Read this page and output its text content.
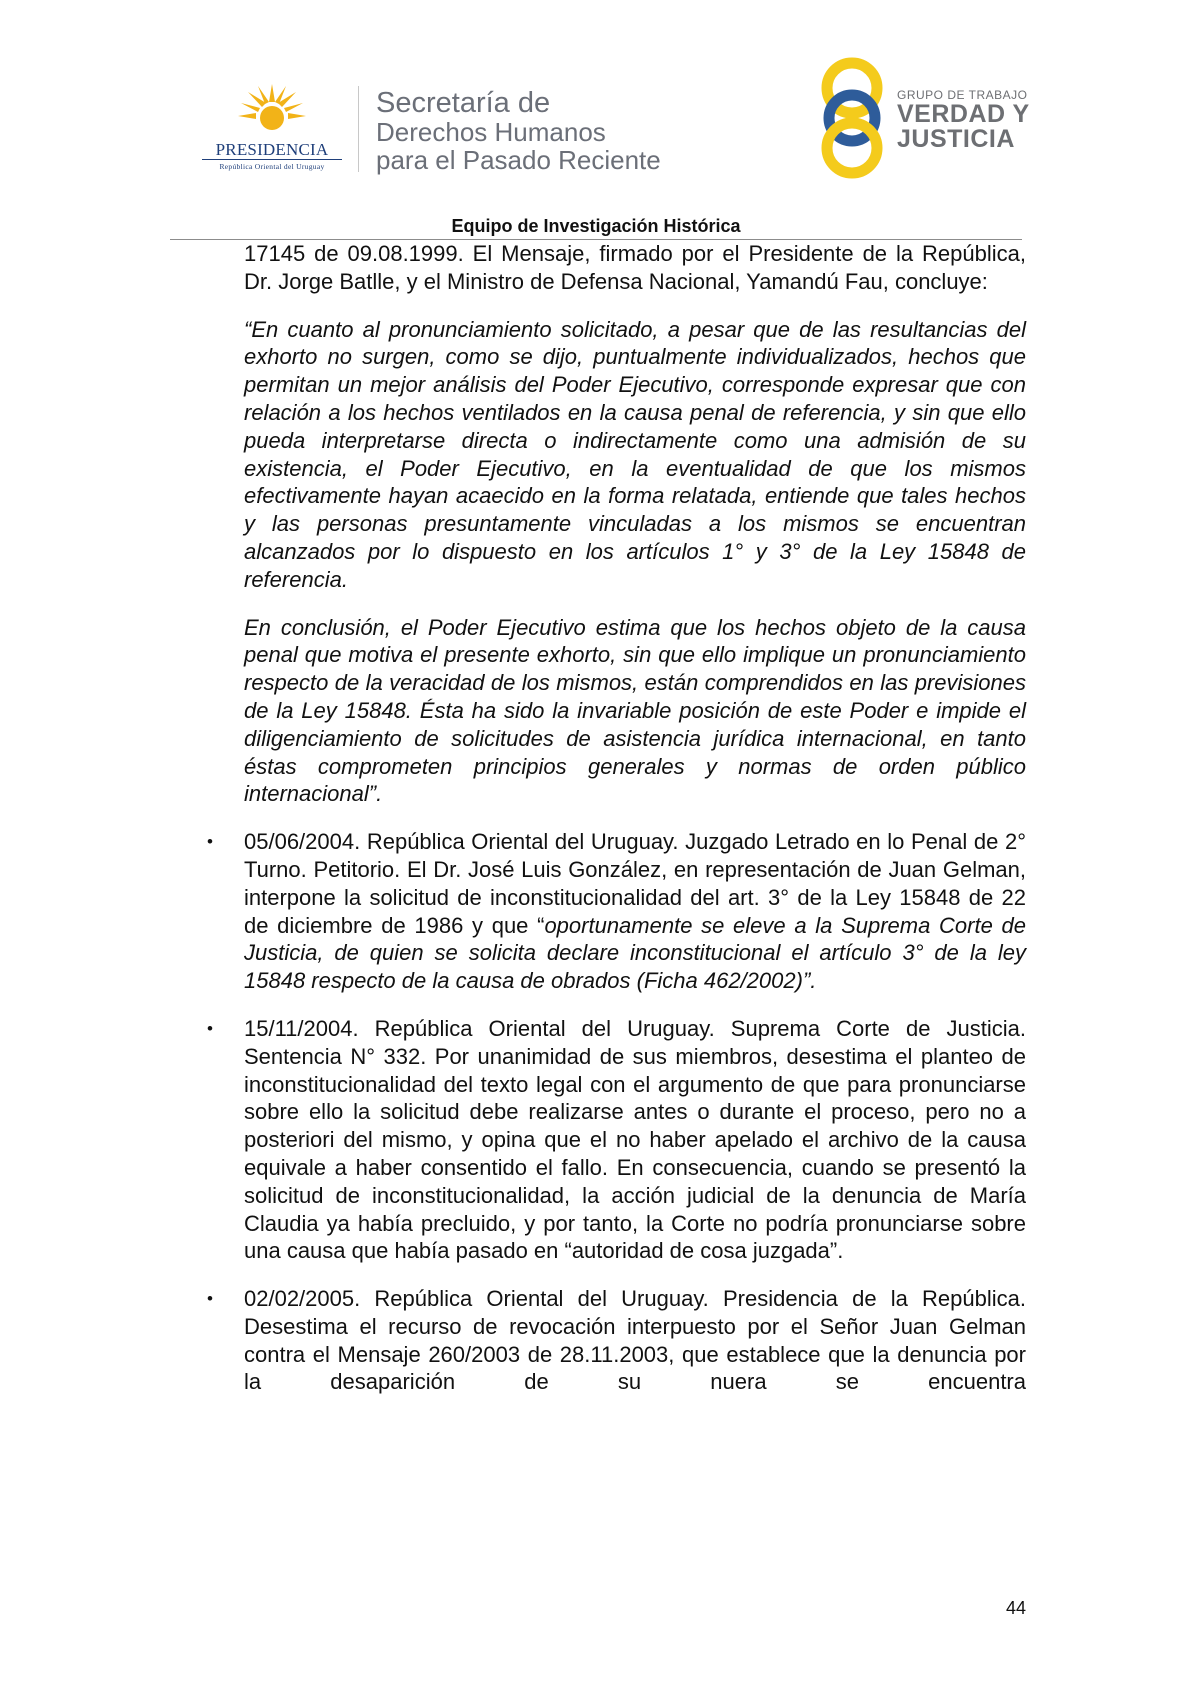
PRESIDENCIA
República Oriental del Uruguay
Secretaría de
Derechos Humanos
para el Pasado Reciente
GRUPO DE TRABAJO
VERDAD Y
JUSTICIA
Equipo de Investigación Histórica

17145 de 09.08.1999. El Mensaje, firmado por el Presidente de la República, Dr. Jorge Batlle, y el Ministro de Defensa Nacional, Yamandú Fau, concluye:

“En cuanto al pronunciamiento solicitado, a pesar que de las resultancias del exhorto no surgen, como se dijo, puntualmente individualizados, hechos que permitan un mejor análisis del Poder Ejecutivo, corresponde expresar que con relación a los hechos ventilados en la causa penal de referencia, y sin que ello pueda interpretarse directa o indirectamente como una admisión de su existencia, el Poder Ejecutivo, en la eventualidad de que los mismos efectivamente hayan acaecido en la forma relatada, entiende que tales hechos y las personas presuntamente vinculadas a los mismos se encuentran alcanzados por lo dispuesto en los artículos 1° y 3° de la Ley 15848 de referencia.

En conclusión, el Poder Ejecutivo estima que los hechos objeto de la causa penal que motiva el presente exhorto, sin que ello implique un pronunciamiento respecto de la veracidad de los mismos, están comprendidos en las previsiones de la Ley 15848. Ésta ha sido la invariable posición de este Poder e impide el diligenciamiento de solicitudes de asistencia jurídica internacional, en tanto éstas comprometen principios generales y normas de orden público internacional”.

• 05/06/2004. República Oriental del Uruguay. Juzgado Letrado en lo Penal de 2° Turno. Petitorio. El Dr. José Luis González, en representación de Juan Gelman, interpone la solicitud de inconstitucionalidad del art. 3° de la Ley 15848 de 22 de diciembre de 1986 y que “oportunamente se eleve a la Suprema Corte de Justicia, de quien se solicita declare inconstitucional el artículo 3° de la ley 15848 respecto de la causa de obrados (Ficha 462/2002)”.

• 15/11/2004. República Oriental del Uruguay. Suprema Corte de Justicia. Sentencia N° 332. Por unanimidad de sus miembros, desestima el planteo de inconstitucionalidad del texto legal con el argumento de que para pronunciarse sobre ello la solicitud debe realizarse antes o durante el proceso, pero no a posteriori del mismo, y opina que el no haber apelado el archivo de la causa equivale a haber consentido el fallo. En consecuencia, cuando se presentó la solicitud de inconstitucionalidad, la acción judicial de la denuncia de María Claudia ya había precluido, y por tanto, la Corte no podría pronunciarse sobre una causa que había pasado en “autoridad de cosa juzgada”.

• 02/02/2005. República Oriental del Uruguay. Presidencia de la República. Desestima el recurso de revocación interpuesto por el Señor Juan Gelman contra el Mensaje 260/2003 de 28.11.2003, que establece que la denuncia por la desaparición de su nuera se encuentra

44
